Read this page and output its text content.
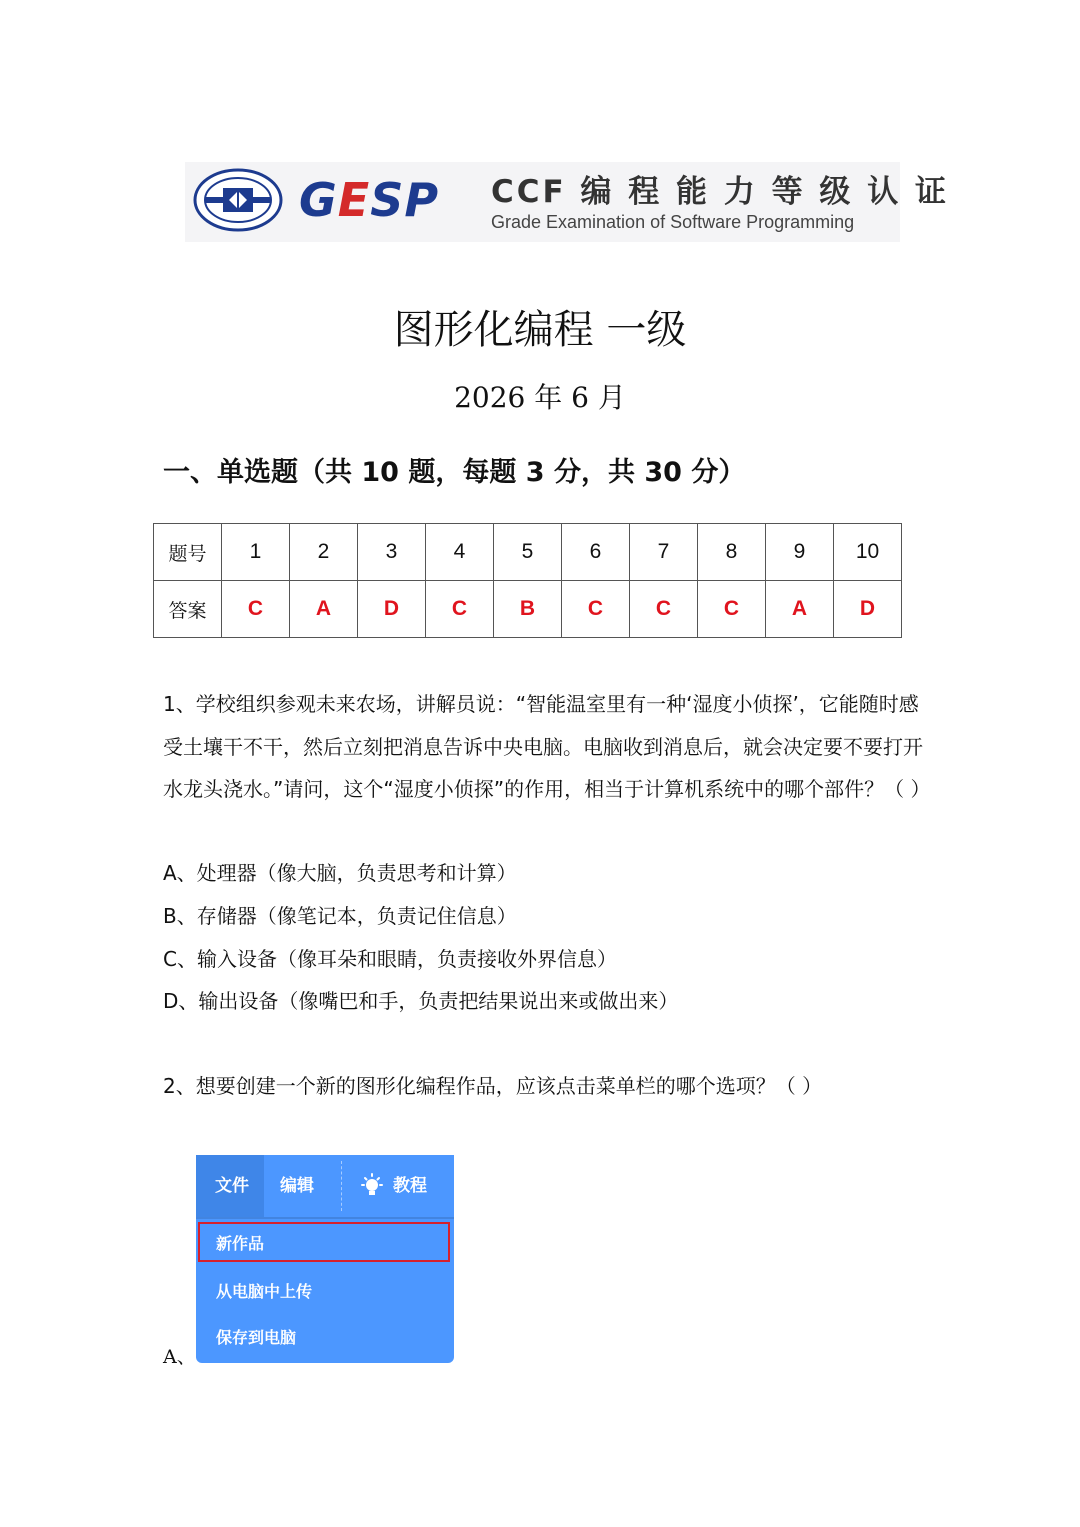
GESP CCF 编 程 能 力 等 级 认 证
Grade Examination of Software Programming
图形化编程 一级
2026 年 6 月
一、单选题（共 10 题，每题 3 分，共 30 分）
题号	1	2	3	4	5	6	7	8	9	10
答案	C	A	D	C	B	C	C	C	A	D
1、学校组织参观未来农场，讲解员说：“智能温室里有一种‘湿度小侦探’，它能随时感受土壤干不干，然后立刻把消息告诉中央电脑。电脑收到消息后，就会决定要不要打开水龙头浇水。”请问，这个“湿度小侦探”的作用，相当于计算机系统中的哪个部件？（ ）
A、处理器（像大脑，负责思考和计算）
B、存储器（像笔记本，负责记住信息）
C、输入设备（像耳朵和眼睛，负责接收外界信息）
D、输出设备（像嘴巴和手，负责把结果说出来或做出来）
2、想要创建一个新的图形化编程作品，应该点击菜单栏的哪个选项？（ ）
文件 编辑	教程
新作品
从电脑中上传
保存到电脑
A、
